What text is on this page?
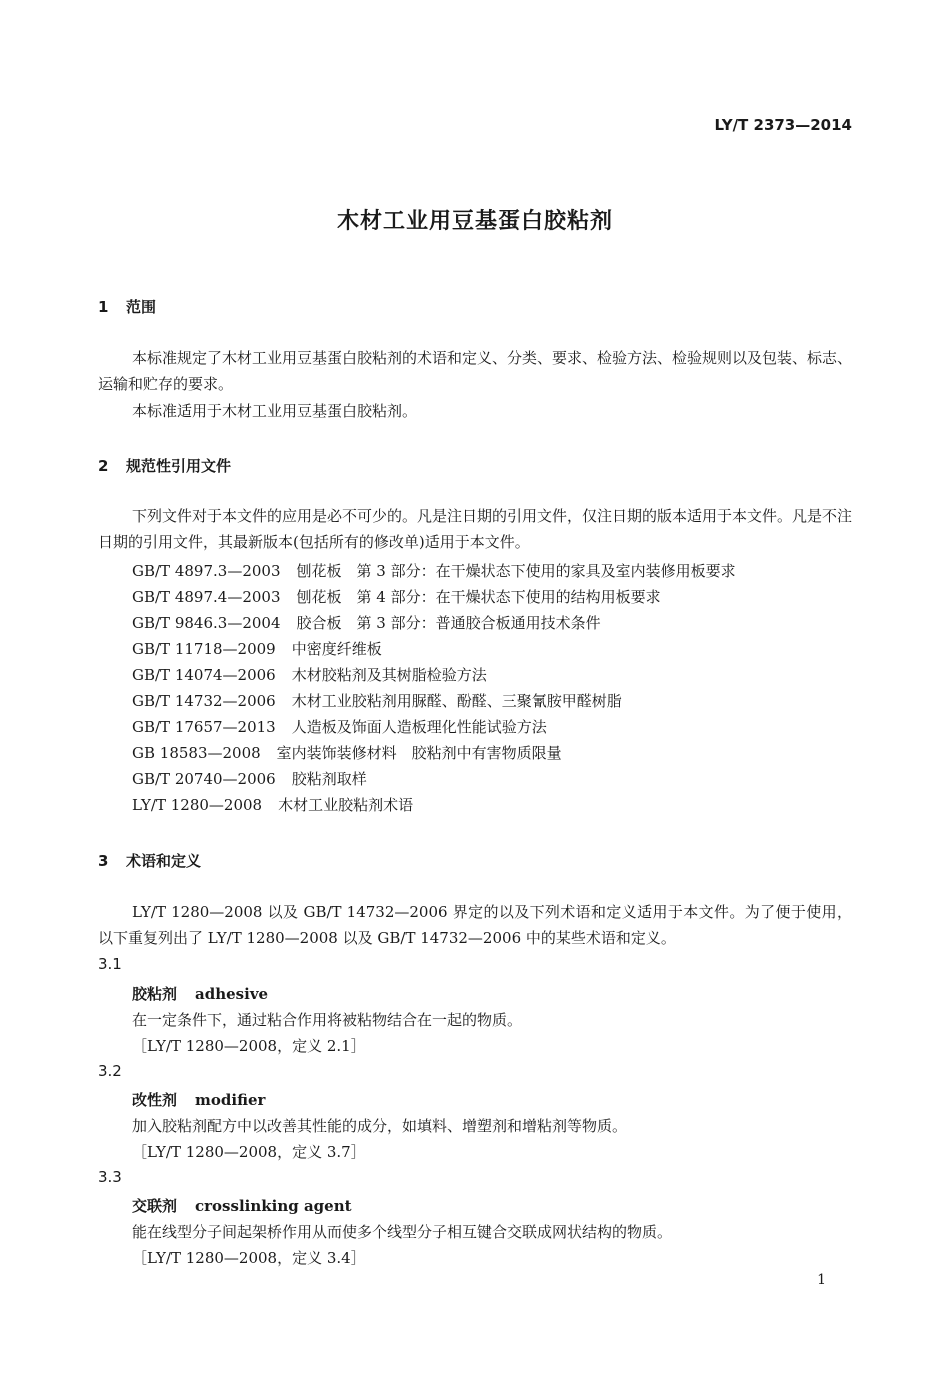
LY/T 2373—2014
木材工业用豆基蛋白胶粘剂
1 范围
本标准规定了木材工业用豆基蛋白胶粘剂的术语和定义、分类、要求、检验方法、检验规则以及包装、标志、运输和贮存的要求。
本标准适用于木材工业用豆基蛋白胶粘剂。
2 规范性引用文件
下列文件对于本文件的应用是必不可少的。凡是注日期的引用文件，仅注日期的版本适用于本文件。凡是不注日期的引用文件，其最新版本(包括所有的修改单)适用于本文件。
GB/T 4897.3—2003 刨花板　第 3 部分：在干燥状态下使用的家具及室内装修用板要求
GB/T 4897.4—2003 刨花板　第 4 部分：在干燥状态下使用的结构用板要求
GB/T 9846.3—2004 胶合板　第 3 部分：普通胶合板通用技术条件
GB/T 11718—2009 中密度纤维板
GB/T 14074—2006 木材胶粘剂及其树脂检验方法
GB/T 14732—2006 木材工业胶粘剂用脲醛、酚醛、三聚氰胺甲醛树脂
GB/T 17657—2013 人造板及饰面人造板理化性能试验方法
GB 18583—2008 室内装饰装修材料　胶粘剂中有害物质限量
GB/T 20740—2006 胶粘剂取样
LY/T 1280—2008 木材工业胶粘剂术语
3 术语和定义
LY/T 1280—2008 以及 GB/T 14732—2006 界定的以及下列术语和定义适用于本文件。为了便于使用，以下重复列出了 LY/T 1280—2008 以及 GB/T 14732—2006 中的某些术语和定义。
3.1
胶粘剂 adhesive
在一定条件下，通过粘合作用将被粘物结合在一起的物质。
［LY/T 1280—2008，定义 2.1］
3.2
改性剂 modifier
加入胶粘剂配方中以改善其性能的成分，如填料、增塑剂和增粘剂等物质。
［LY/T 1280—2008，定义 3.7］
3.3
交联剂 crosslinking agent
能在线型分子间起架桥作用从而使多个线型分子相互键合交联成网状结构的物质。
［LY/T 1280—2008，定义 3.4］
1
